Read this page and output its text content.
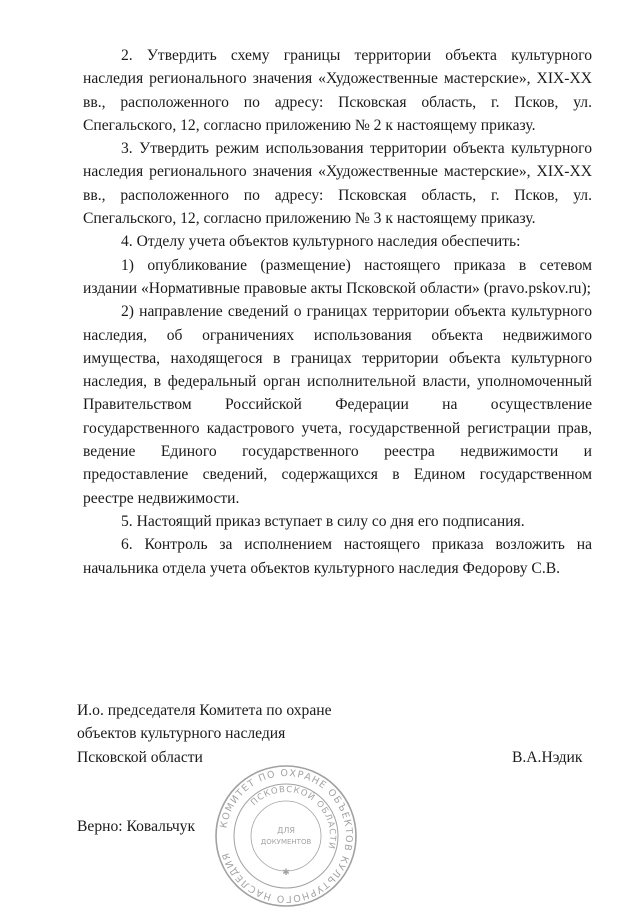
2. Утвердить схему границы территории объекта культурного наследия регионального значения «Художественные мастерские», XIX-XX вв., расположенного по адресу: Псковская область, г. Псков, ул. Спегальского, 12, согласно приложению № 2 к настоящему приказу.

3. Утвердить режим использования территории объекта культурного наследия регионального значения «Художественные мастерские», XIX-XX вв., расположенного по адресу: Псковская область, г. Псков, ул. Спегальского, 12, согласно приложению № 3 к настоящему приказу.

4. Отделу учета объектов культурного наследия обеспечить:

1) опубликование (размещение) настоящего приказа в сетевом издании «Нормативные правовые акты Псковской области» (pravo.pskov.ru);

2) направление сведений о границах территории объекта культурного наследия, об ограничениях использования объекта недвижимого имущества, находящегося в границах территории объекта культурного наследия, в федеральный орган исполнительной власти, уполномоченный Правительством Российской Федерации на осуществление государственного кадастрового учета, государственной регистрации прав, ведение Единого государственного реестра недвижимости и предоставление сведений, содержащихся в Едином государственном реестре недвижимости.

5. Настоящий приказ вступает в силу со дня его подписания.

6. Контроль за исполнением настоящего приказа возложить на начальника отдела учета объектов культурного наследия Федорову С.В.

И.о. председателя Комитета по охране
объектов культурного наследия
Псковской области	В.А.Нэдик
Верно: Ковальчук КОМИТЕТ ПО ОХРАНЕ ОБЪЕКТОВ КУЛЬТУРНОГО НАСЛЕДИЯ
ПСКОВСКОЙ ОБЛАСТИ
ДЛЯ
ДОКУМЕНТОВ
✱
